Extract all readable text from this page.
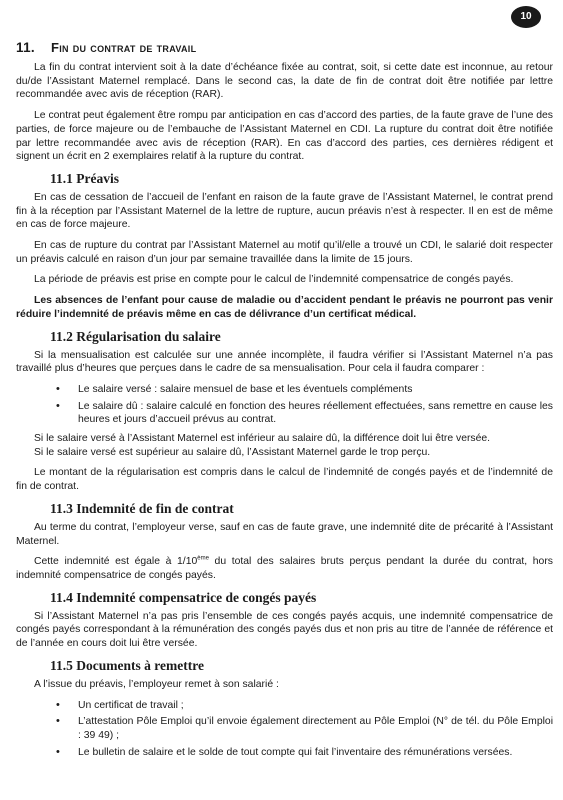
10
11. Fin du contrat de travail

La fin du contrat intervient soit à la date d’échéance fixée au contrat, soit, si cette date est inconnue, au retour du/de l’Assistant Maternel remplacé. Dans le second cas, la date de fin de contrat doit être notifiée par lettre recommandée avec avis de réception (RAR).

Le contrat peut également être rompu par anticipation en cas d’accord des parties, de la faute grave de l’une des parties, de force majeure ou de l’embauche de l’Assistant Maternel en CDI. La rupture du contrat doit être notifiée par lettre recommandée avec avis de réception (RAR). En cas d’accord des parties, ces dernières rédigent et signent un écrit en 2 exemplaires relatif à la rupture du contrat.

11.1 Préavis

En cas de cessation de l’accueil de l’enfant en raison de la faute grave de l’Assistant Maternel, le contrat prend fin à la réception par l’Assistant Maternel de la lettre de rupture, aucun préavis n’est à respecter. Il en est de même en cas de force majeure.

En cas de rupture du contrat par l’Assistant Maternel au motif qu’il/elle a trouvé un CDI, le salarié doit respecter un préavis calculé en raison d’un jour par semaine travaillée dans la limite de 15 jours.

La période de préavis est prise en compte pour le calcul de l’indemnité compensatrice de congés payés.

Les absences de l’enfant pour cause de maladie ou d’accident pendant le préavis ne pourront pas venir réduire l’indemnité de préavis même en cas de délivrance d’un certificat médical.

11.2 Régularisation du salaire

Si la mensualisation est calculée sur une année incomplète, il faudra vérifier si l’Assistant Maternel n’a pas travaillé plus d’heures que perçues dans le cadre de sa mensualisation. Pour cela il faudra comparer :

• Le salaire versé : salaire mensuel de base et les éventuels compléments
• Le salaire dû : salaire calculé en fonction des heures réellement effectuées, sans remettre en cause les heures et jours d’accueil prévus au contrat.

Si le salaire versé à l’Assistant Maternel est inférieur au salaire dû, la différence doit lui être versée.

Si le salaire versé est supérieur au salaire dû, l’Assistant Maternel garde le trop perçu.

Le montant de la régularisation est compris dans le calcul de l’indemnité de congés payés et de l’indemnité de fin de contrat.

11.3 Indemnité de fin de contrat

Au terme du contrat, l’employeur verse, sauf en cas de faute grave, une indemnité dite de précarité à l’Assistant Maternel.

Cette indemnité est égale à 1/10ème du total des salaires bruts perçus pendant la durée du contrat, hors indemnité compensatrice de congés payés.

11.4 Indemnité compensatrice de congés payés

Si l’Assistant Maternel n’a pas pris l’ensemble de ces congés payés acquis, une indemnité compensatrice de congés payés correspondant à la rémunération des congés payés dus et non pris au titre de l’année de référence et de l’année en cours doit lui être versée.

11.5 Documents à remettre

A l’issue du préavis, l’employeur remet à son salarié :

• Un certificat de travail ;
• L’attestation Pôle Emploi qu’il envoie également directement au Pôle Emploi (N° de tél. du Pôle Emploi : 39 49) ;
• Le bulletin de salaire et le solde de tout compte qui fait l’inventaire des rémunérations versées.
